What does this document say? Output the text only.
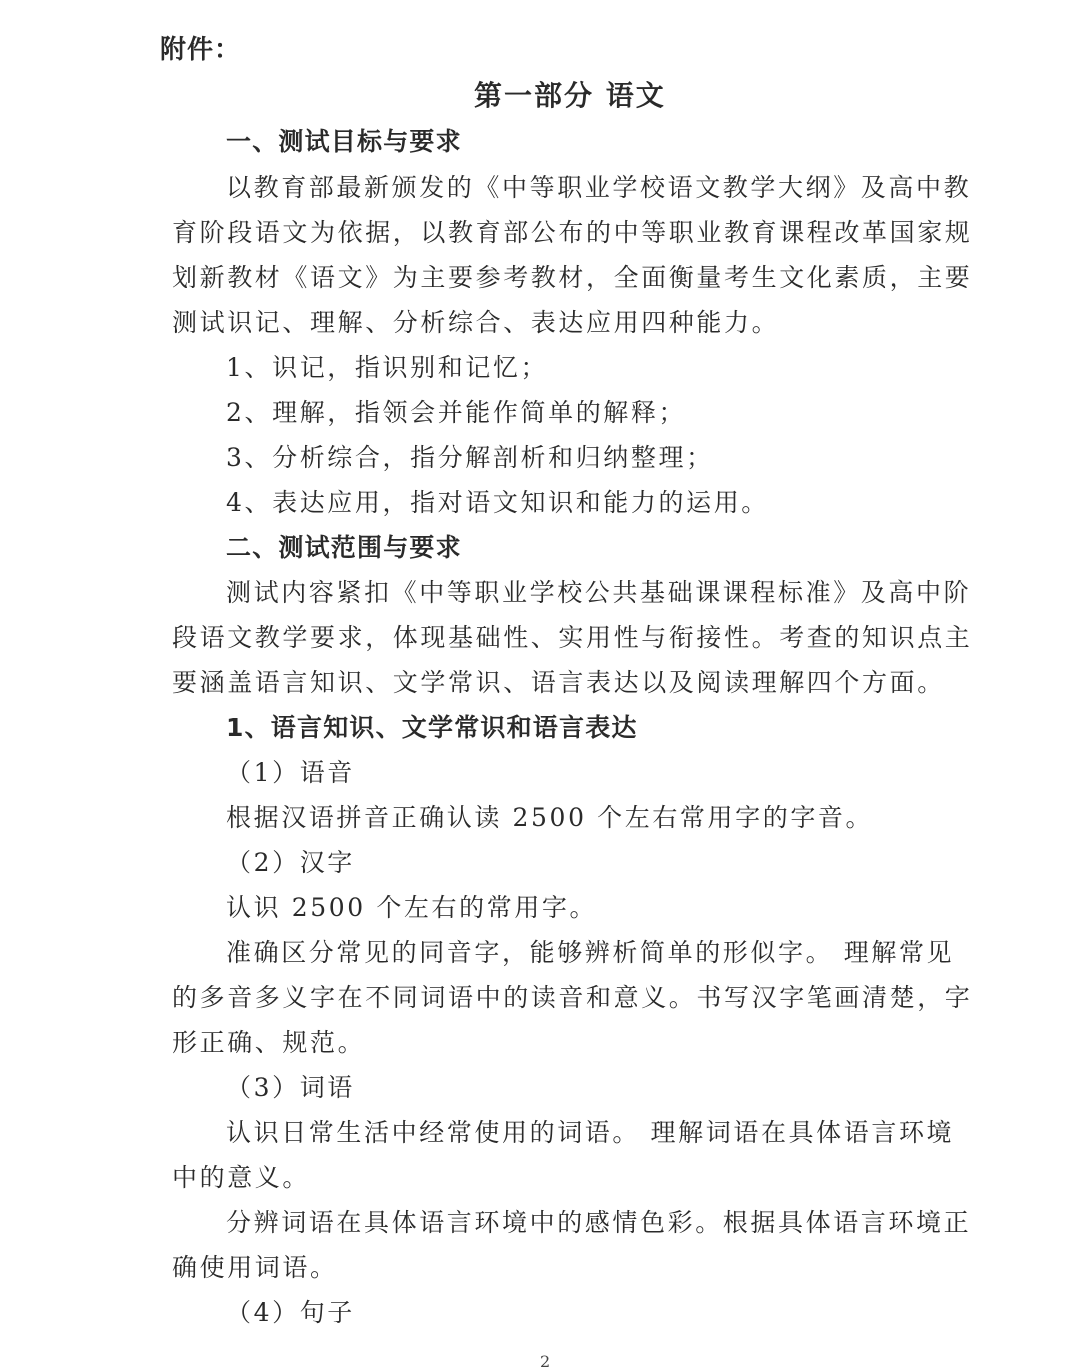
附件：
第一部分 语文
一、测试目标与要求
以教育部最新颁发的《中等职业学校语文教学大纲》及高中教
育阶段语文为依据，以教育部公布的中等职业教育课程改革国家规
划新教材《语文》为主要参考教材，全面衡量考生文化素质，主要
测试识记、理解、分析综合、表达应用四种能力。
1、识记，指识别和记忆；
2、理解，指领会并能作简单的解释；
3、分析综合，指分解剖析和归纳整理；
4、表达应用，指对语文知识和能力的运用。
二、测试范围与要求
测试内容紧扣《中等职业学校公共基础课课程标准》及高中阶
段语文教学要求，体现基础性、实用性与衔接性。考查的知识点主
要涵盖语言知识、文学常识、语言表达以及阅读理解四个方面。
1、语言知识、文学常识和语言表达
（1）语音
根据汉语拼音正确认读 2500 个左右常用字的字音。
（2）汉字
认识 2500 个左右的常用字。
准确区分常见的同音字，能够辨析简单的形似字。 理解常见
的多音多义字在不同词语中的读音和意义。书写汉字笔画清楚，字
形正确、规范。
（3）词语
认识日常生活中经常使用的词语。 理解词语在具体语言环境
中的意义。
分辨词语在具体语言环境中的感情色彩。根据具体语言环境正
确使用词语。
（4）句子
2
